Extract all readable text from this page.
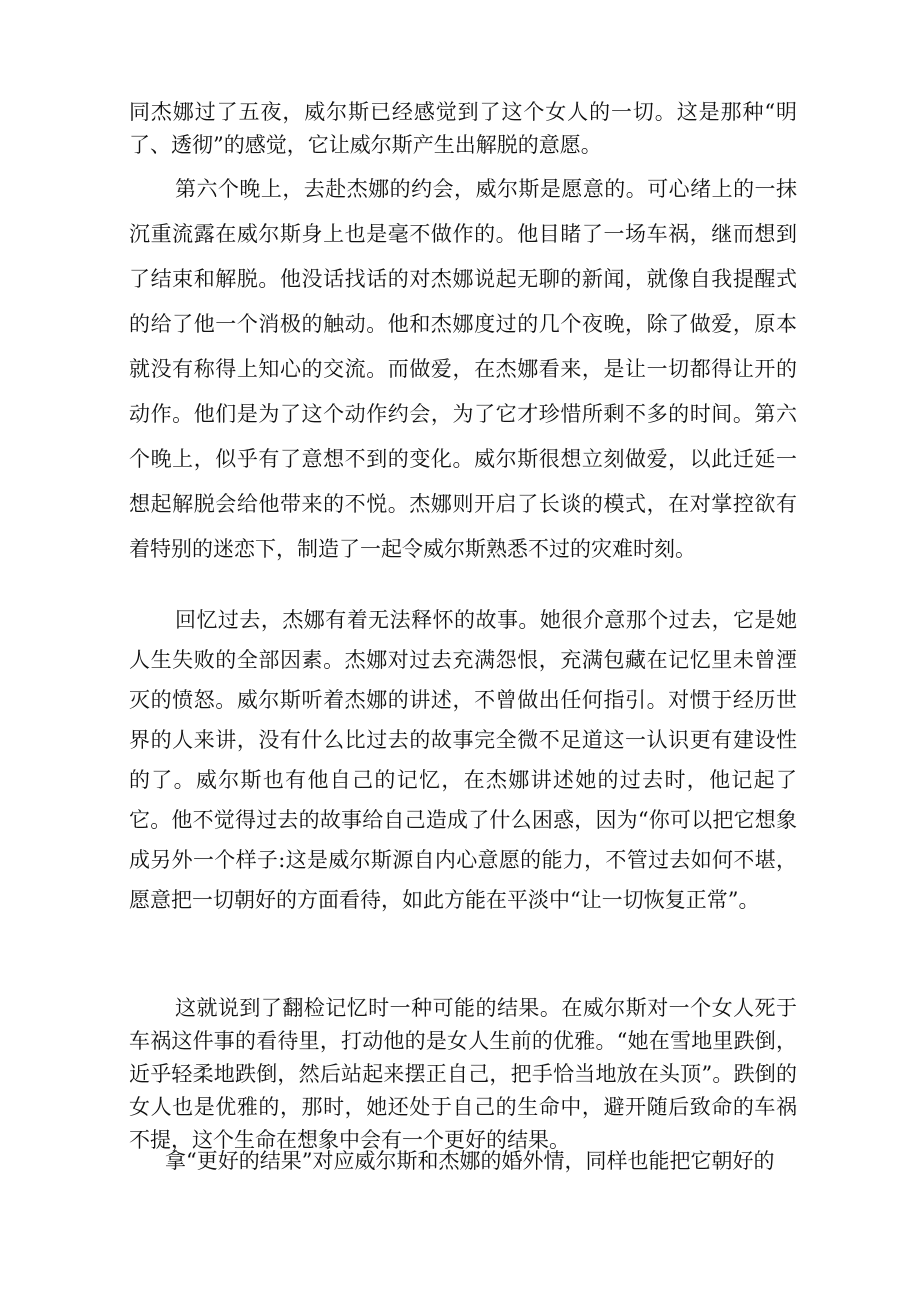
同杰娜过了五夜，威尔斯已经感觉到了这个女人的一切。这是那种“明了、透彻”的感觉，它让威尔斯产生出解脱的意愿。

第六个晚上，去赴杰娜的约会，威尔斯是愿意的。可心绪上的一抹沉重流露在威尔斯身上也是毫不做作的。他目睹了一场车祸，继而想到了结束和解脱。他没话找话的对杰娜说起无聊的新闻，就像自我提醒式的给了他一个消极的触动。他和杰娜度过的几个夜晚，除了做爱，原本就没有称得上知心的交流。而做爱，在杰娜看来，是让一切都得让开的动作。他们是为了这个动作约会，为了它才珍惜所剩不多的时间。第六个晚上，似乎有了意想不到的变化。威尔斯很想立刻做爱，以此迁延一想起解脱会给他带来的不悦。杰娜则开启了长谈的模式，在对掌控欲有着特别的迷恋下，制造了一起令威尔斯熟悉不过的灾难时刻。

回忆过去，杰娜有着无法释怀的故事。她很介意那个过去，它是她人生失败的全部因素。杰娜对过去充满怨恨，充满包藏在记忆里未曾湮灭的愤怒。威尔斯听着杰娜的讲述，不曾做出任何指引。对惯于经历世界的人来讲，没有什么比过去的故事完全微不足道这一认识更有建设性的了。威尔斯也有他自己的记忆，在杰娜讲述她的过去时，他记起了它。他不觉得过去的故事给自己造成了什么困惑，因为“你可以把它想象成另外一个样子:这是威尔斯源自内心意愿的能力，不管过去如何不堪，愿意把一切朝好的方面看待，如此方能在平淡中“让一切恢复正常”。

这就说到了翻检记忆时一种可能的结果。在威尔斯对一个女人死于车祸这件事的看待里，打动他的是女人生前的优雅。“她在雪地里跌倒，近乎轻柔地跌倒，然后站起来摆正自己，把手恰当地放在头顶”。跌倒的女人也是优雅的，那时，她还处于自己的生命中，避开随后致命的车祸不提，这个生命在想象中会有一个更好的结果。

拿“更好的结果”对应威尔斯和杰娜的婚外情，同样也能把它朝好的
